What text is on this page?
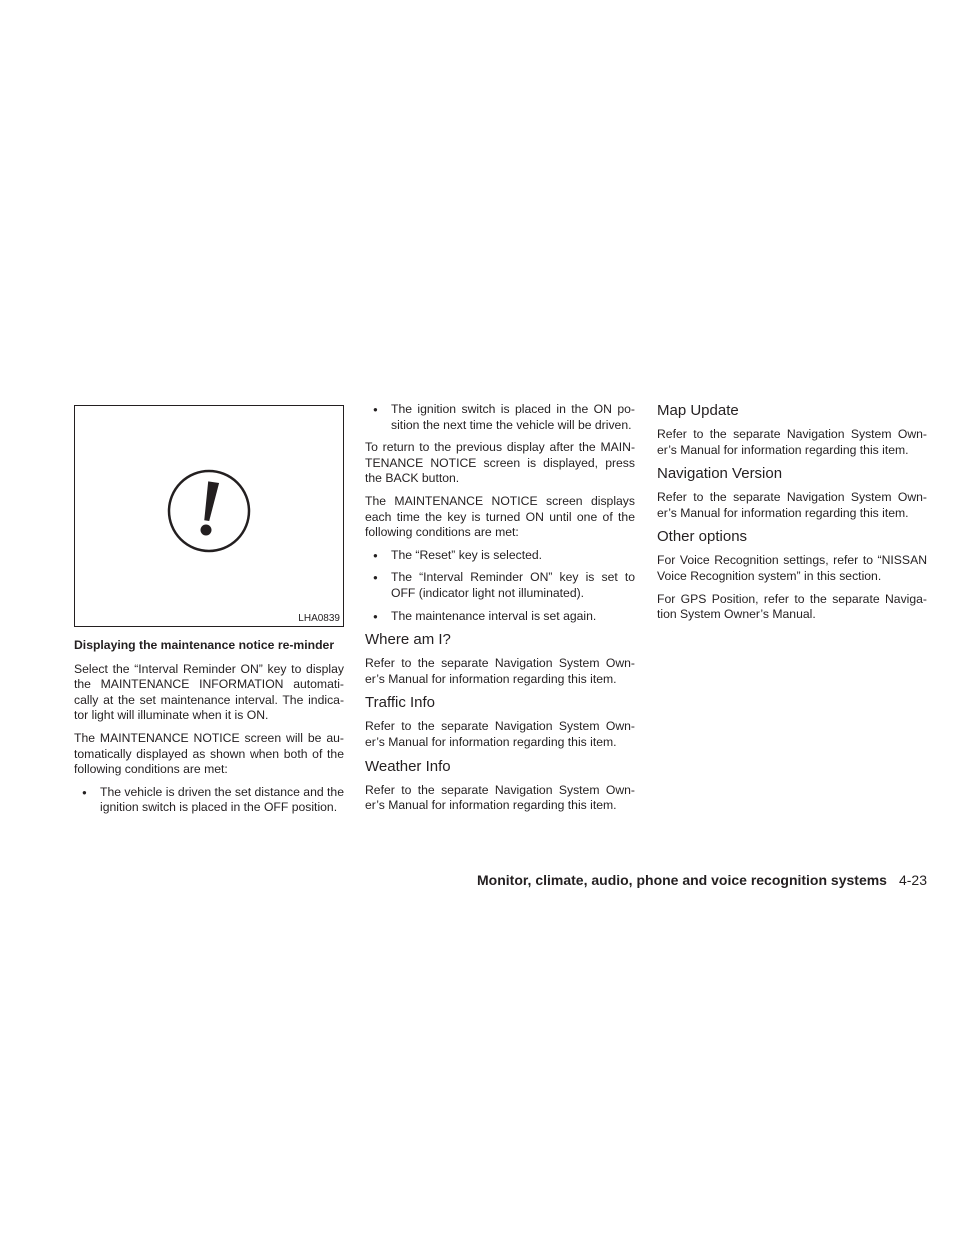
LHA0839
Displaying the maintenance notice re-minder

Select the “Interval Reminder ON” key to display the MAINTENANCE INFORMATION automati-cally at the set maintenance interval. The indica-tor light will illuminate when it is ON.

The MAINTENANCE NOTICE screen will be au-tomatically displayed as shown when both of the following conditions are met:

● The vehicle is driven the set distance and the ignition switch is placed in the OFF position.
● The ignition switch is placed in the ON po-sition the next time the vehicle will be driven.

To return to the previous display after the MAIN-TENANCE NOTICE screen is displayed, press the BACK button.

The MAINTENANCE NOTICE screen displays each time the key is turned ON until one of the following conditions are met:

● The “Reset” key is selected.
● The “Interval Reminder ON” key is set to OFF (indicator light not illuminated).
● The maintenance interval is set again.
Where am I?

Refer to the separate Navigation System Own-er’s Manual for information regarding this item.

Traffic Info

Refer to the separate Navigation System Own-er’s Manual for information regarding this item.

Weather Info

Refer to the separate Navigation System Own-er’s Manual for information regarding this item.

Map Update

Refer to the separate Navigation System Own-er’s Manual for information regarding this item.

Navigation Version

Refer to the separate Navigation System Own-er’s Manual for information regarding this item.

Other options

For Voice Recognition settings, refer to “NISSAN Voice Recognition system” in this section.

For GPS Position, refer to the separate Naviga-tion System Owner’s Manual.

Monitor, climate, audio, phone and voice recognition systems 4-23
